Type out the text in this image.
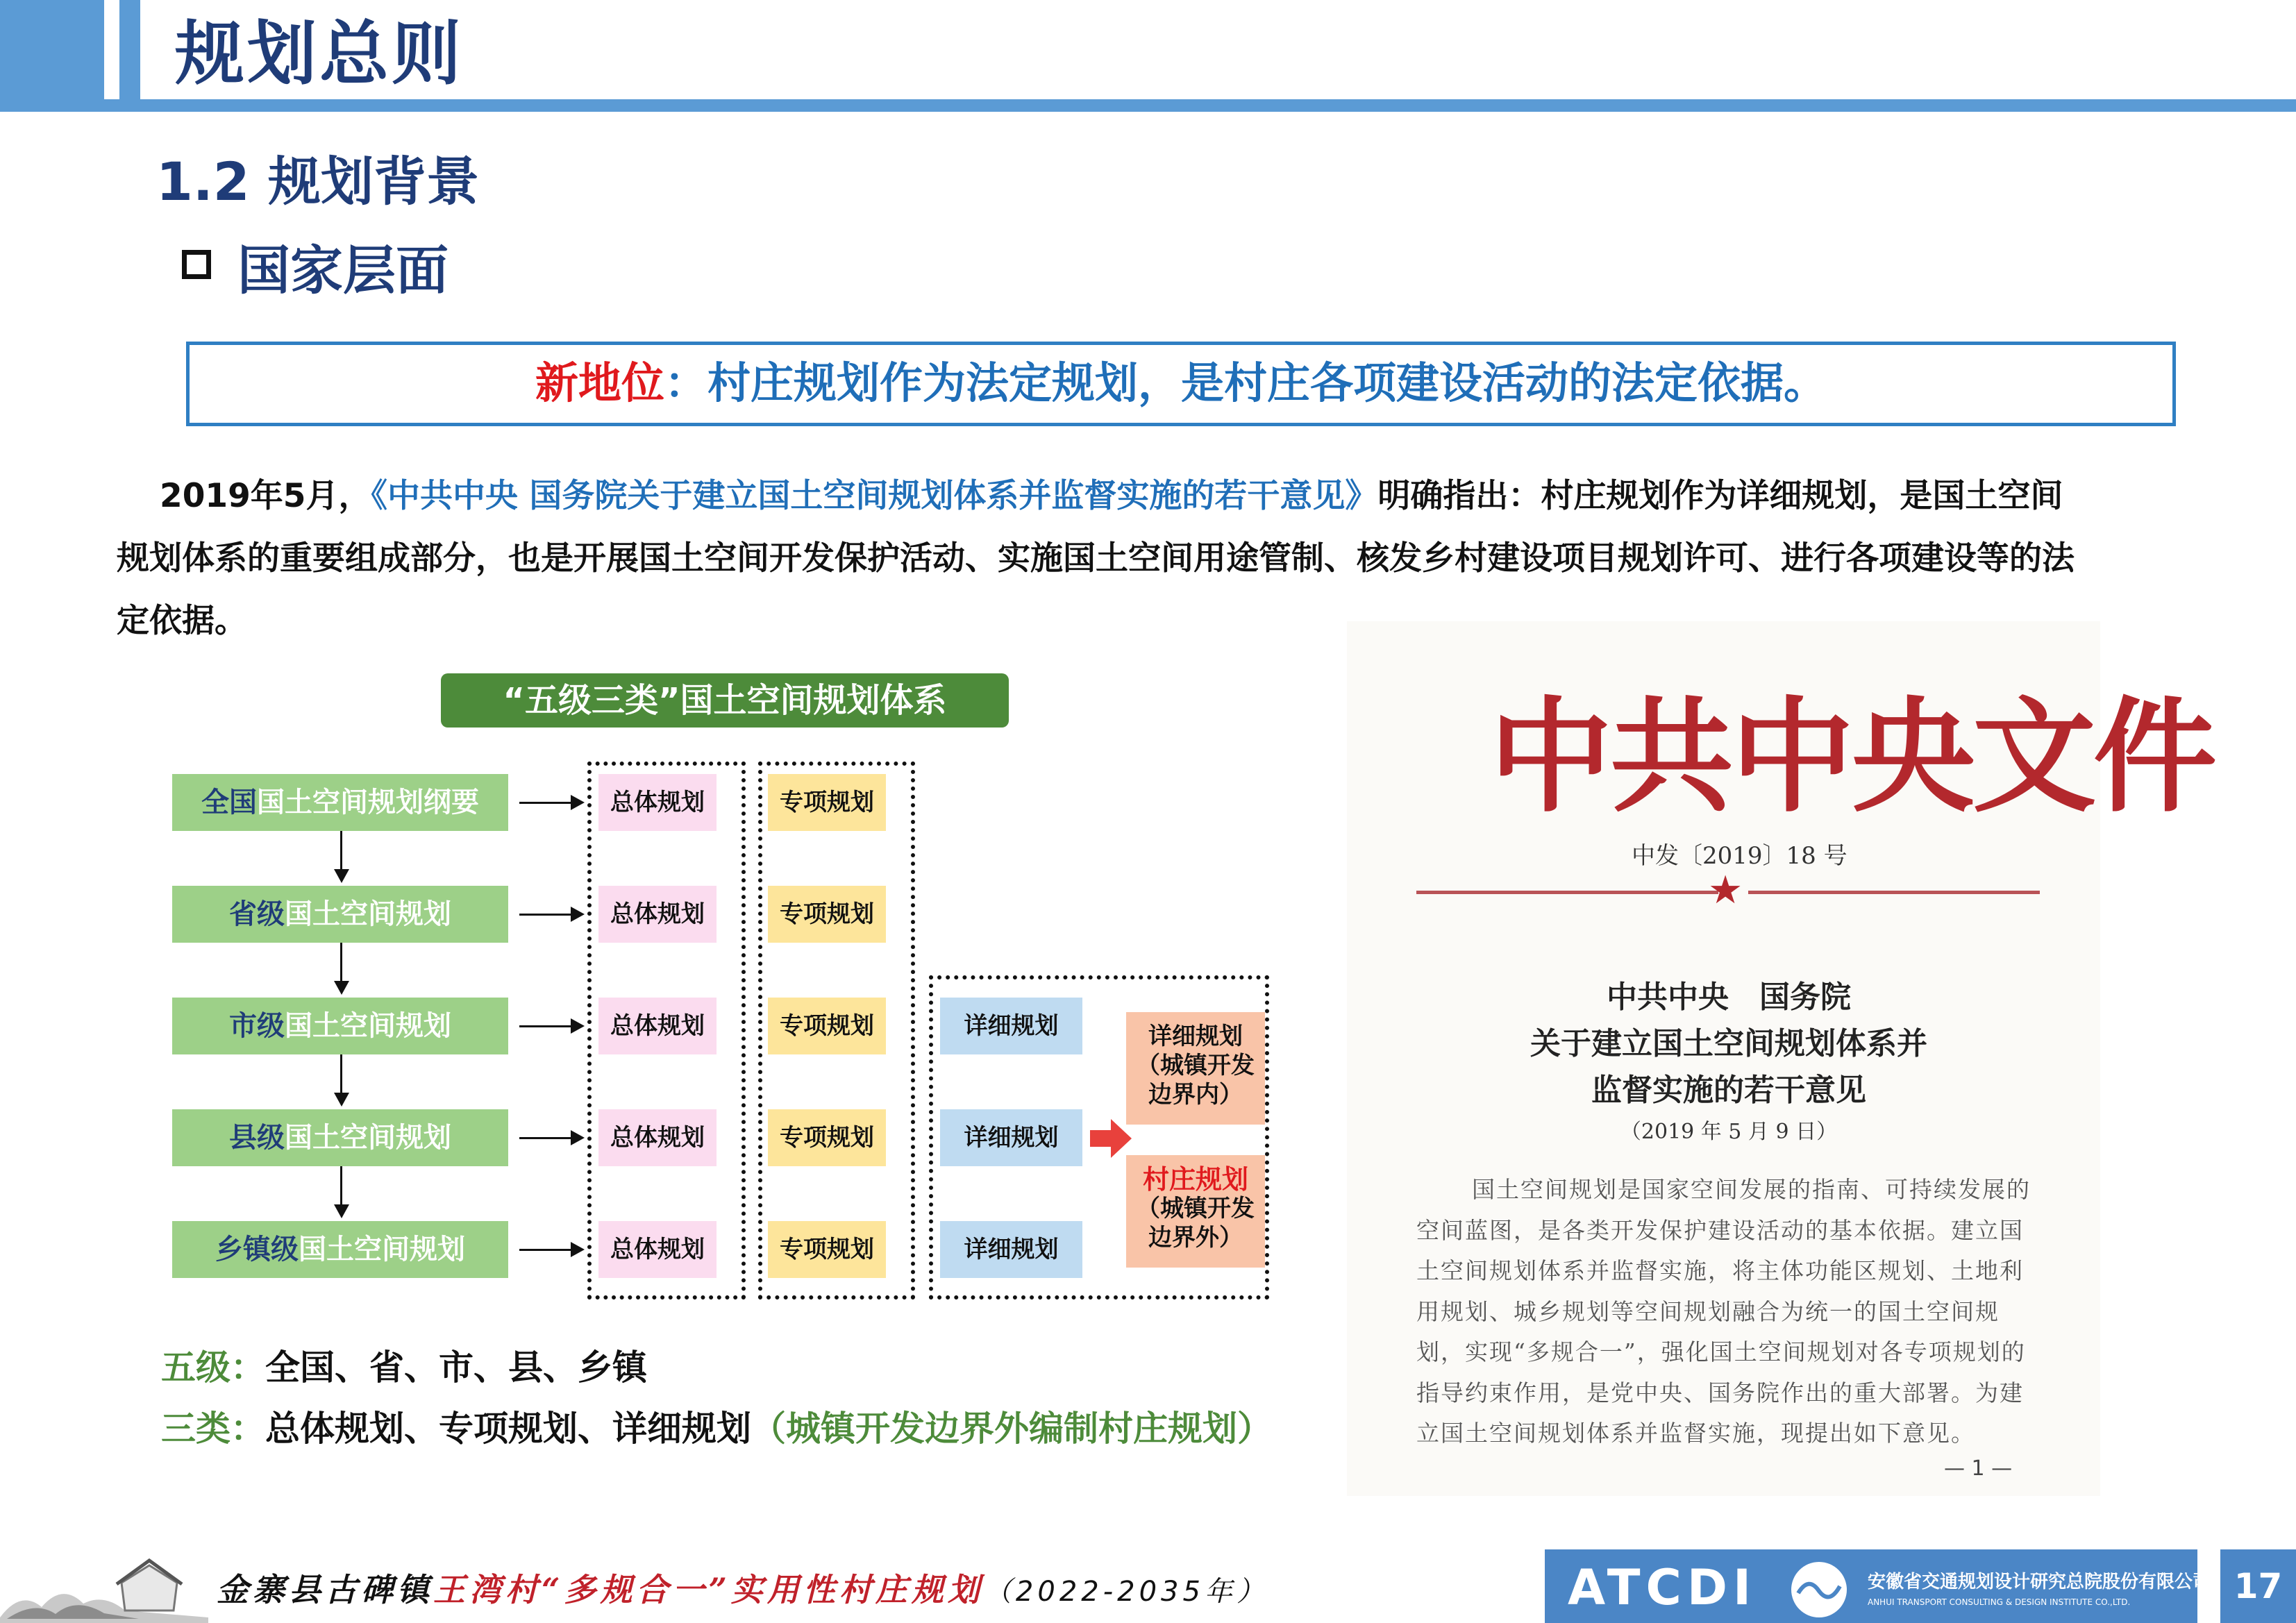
规划总则
1.2 规划背景
国家层面
新地位：村庄规划作为法定规划，是村庄各项建设活动的法定依据。
2019年5月，《中共中央 国务院关于建立国土空间规划体系并监督实施的若干意见》明确指出：村庄规划作为详细规划，是国土空间
规划体系的重要组成部分，也是开展国土空间开发保护活动、实施国土空间用途管制、核发乡村建设项目规划许可、进行各项建设等的法
定依据。
“五级三类”国土空间规划体系
全国国土空间规划纲要
省级国土空间规划
市级国土空间规划
县级国土空间规划
乡镇级国土空间规划
总体规划
总体规划
总体规划
总体规划
总体规划
专项规划
专项规划
专项规划
专项规划
专项规划
详细规划
详细规划
详细规划
详细规划
（城镇开发
边界内）
村庄规划
（城镇开发
边界外）
五级：全国、省、市、县、乡镇
三类：总体规划、专项规划、详细规划（城镇开发边界外编制村庄规划）
中共中央文件
中发〔2019〕18 号
★
中共中央　国务院
关于建立国土空间规划体系并
监督实施的若干意见
（2019 年 5 月 9 日）
国土空间规划是国家空间发展的指南、可持续发展的空间蓝图，是各类开发保护建设活动的基本依据。建立国土空间规划体系并监督实施，将主体功能区规划、土地利用规划、城乡规划等空间规划融合为统一的国土空间规划，实现“多规合一”，强化国土空间规划对各专项规划的指导约束作用，是党中央、国务院作出的重大部署。为建立国土空间规划体系并监督实施，现提出如下意见。
— 1 —
金寨县古碑镇王湾村“多规合一”实用性村庄规划（2022-2035年）	ATCDI	安徽省交通规划设计研究总院股份有限公司
ANHUI TRANSPORT CONSULTING & DESIGN INSTITUTE CO.,LTD.	17
